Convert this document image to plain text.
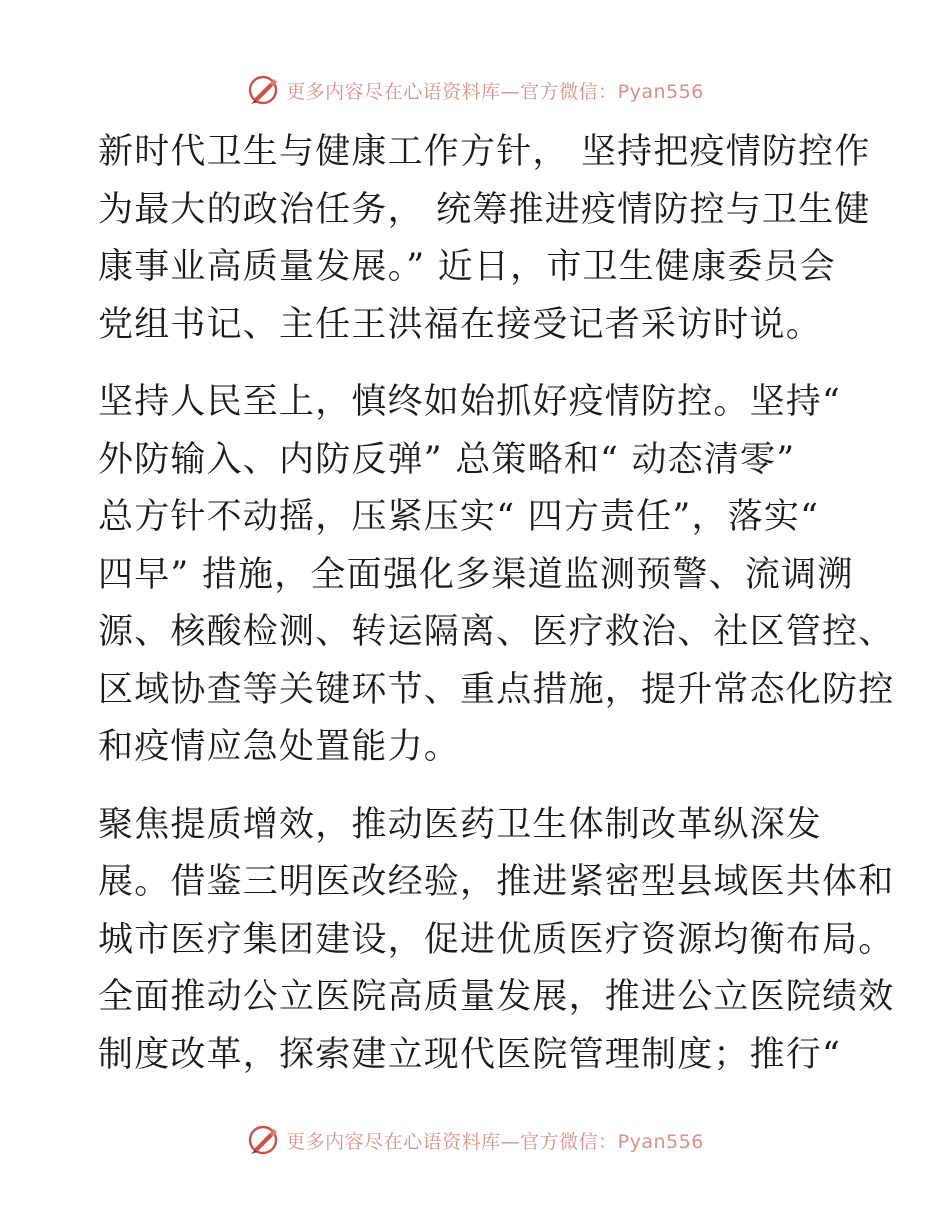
更多内容尽在心语资料库—官方微信：Pyan556
新时代卫生与健康工作方针， 坚持把疫情防控作
为最大的政治任务， 统筹推进疫情防控与卫生健
康事业高质量发展。” 近日，市卫生健康委员会
党组书记、主任王洪福在接受记者采访时说。
坚持人民至上，慎终如始抓好疫情防控。坚持“
外防输入、内防反弹” 总策略和“ 动态清零”
总方针不动摇，压紧压实“ 四方责任”，落实“
四早” 措施，全面强化多渠道监测预警、流调溯
源、核酸检测、转运隔离、医疗救治、社区管控、
区域协查等关键环节、重点措施，提升常态化防控
和疫情应急处置能力。
聚焦提质增效，推动医药卫生体制改革纵深发
展。借鉴三明医改经验，推进紧密型县域医共体和
城市医疗集团建设，促进优质医疗资源均衡布局。
全面推动公立医院高质量发展，推进公立医院绩效
制度改革，探索建立现代医院管理制度；推行“
更多内容尽在心语资料库—官方微信：Pyan556
